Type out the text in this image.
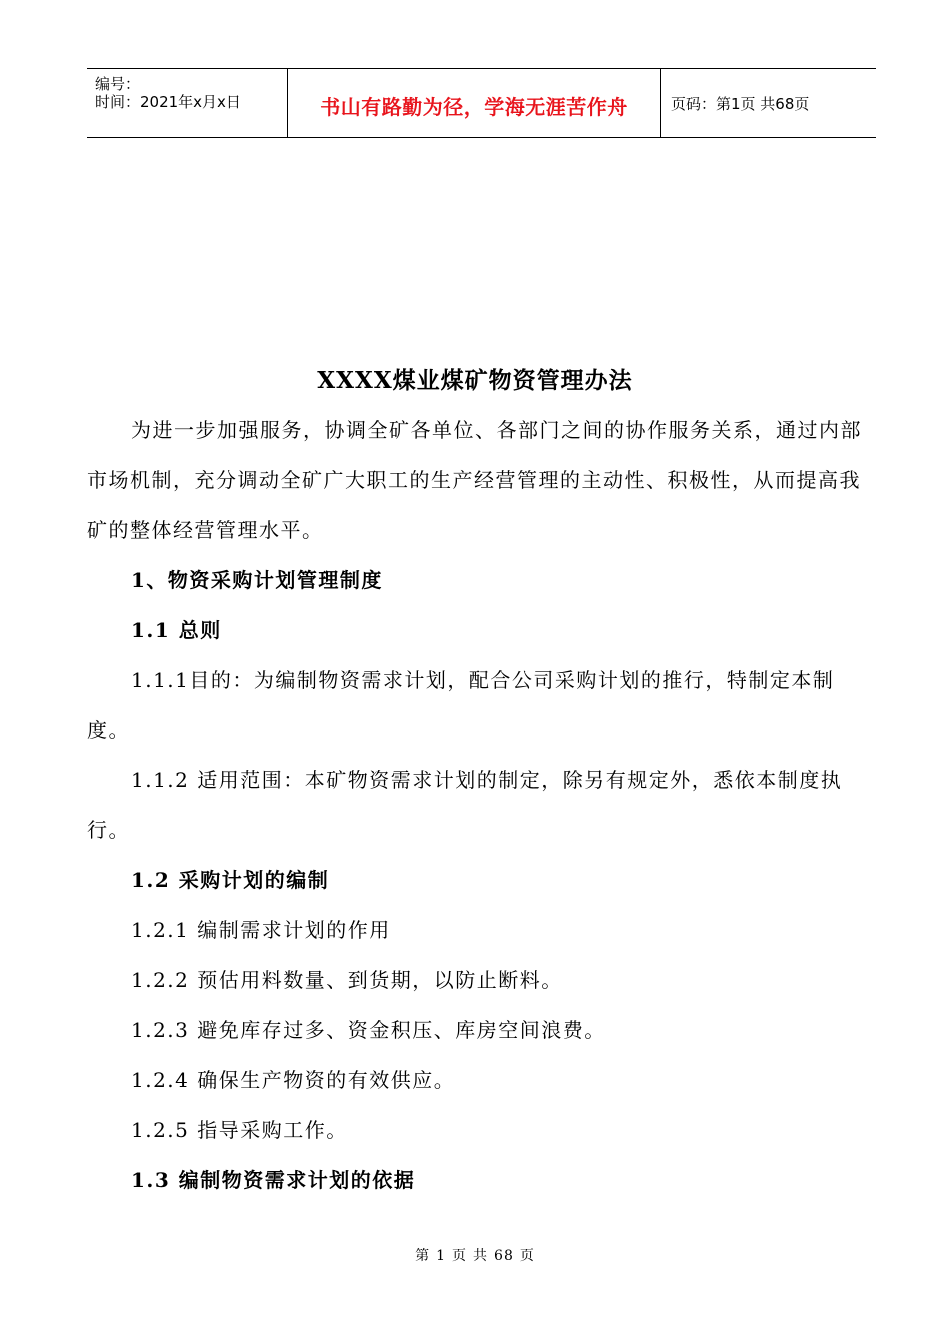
编号：
时间：2021年x月x日	书山有路勤为径，学海无涯苦作舟	页码：第1页 共68页
XXXX煤业煤矿物资管理办法
为进一步加强服务，协调全矿各单位、各部门之间的协作服务关系，通过内部市场机制，充分调动全矿广大职工的生产经营管理的主动性、积极性，从而提高我矿的整体经营管理水平。
1、物资采购计划管理制度
1.1 总则
1.1.1目的：为编制物资需求计划，配合公司采购计划的推行，特制定本制度。
1.1.2 适用范围：本矿物资需求计划的制定，除另有规定外，悉依本制度执行。
1.2 采购计划的编制
1.2.1 编制需求计划的作用
1.2.2 预估用料数量、到货期，以防止断料。
1.2.3 避免库存过多、资金积压、库房空间浪费。
1.2.4 确保生产物资的有效供应。
1.2.5 指导采购工作。
1.3 编制物资需求计划的依据
第 1 页 共 68 页
